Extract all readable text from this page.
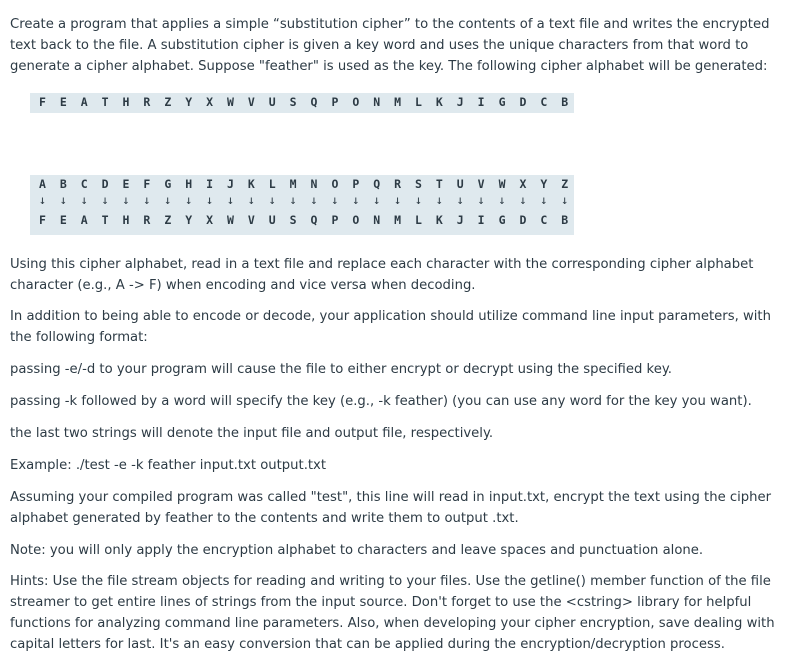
Create a program that applies a simple “substitution cipher” to the contents of a text file and writes the encrypted text back to the file. A substitution cipher is given a key word and uses the unique characters from that word to generate a cipher alphabet. Suppose "feather" is used as the key. The following cipher alphabet will be generated:

F	E	A	T	H	R	Z	Y	X	W	V	U	S	Q	P	O	N	M	L	K	J	I	G	D	C	B
A	B	C	D	E	F	G	H	I	J	K	L	M	N	O	P	Q	R	S	T	U	V	W	X	Y	Z
↓	↓	↓	↓	↓	↓	↓	↓	↓	↓	↓	↓	↓	↓	↓	↓	↓	↓	↓	↓	↓	↓	↓	↓	↓	↓
F	E	A	T	H	R	Z	Y	X	W	V	U	S	Q	P	O	N	M	L	K	J	I	G	D	C	B

Using this cipher alphabet, read in a text file and replace each character with the corresponding cipher alphabet character (e.g., A -> F) when encoding and vice versa when decoding.

In addition to being able to encode or decode, your application should utilize command line input parameters, with the following format:

passing -e/-d to your program will cause the file to either encrypt or decrypt using the specified key.

passing -k followed by a word will specify the key (e.g., -k feather) (you can use any word for the key you want).

the last two strings will denote the input file and output file, respectively.

Example: ./test -e -k feather input.txt output.txt

Assuming your compiled program was called "test", this line will read in input.txt, encrypt the text using the cipher alphabet generated by feather to the contents and write them to output .txt.

Note: you will only apply the encryption alphabet to characters and leave spaces and punctuation alone.

Hints: Use the file stream objects for reading and writing to your files. Use the getline() member function of the file streamer to get entire lines of strings from the input source. Don't forget to use the <cstring> library for helpful functions for analyzing command line parameters. Also, when developing your cipher encryption, save dealing with capital letters for last. It's an easy conversion that can be applied during the encryption/decryption process.
